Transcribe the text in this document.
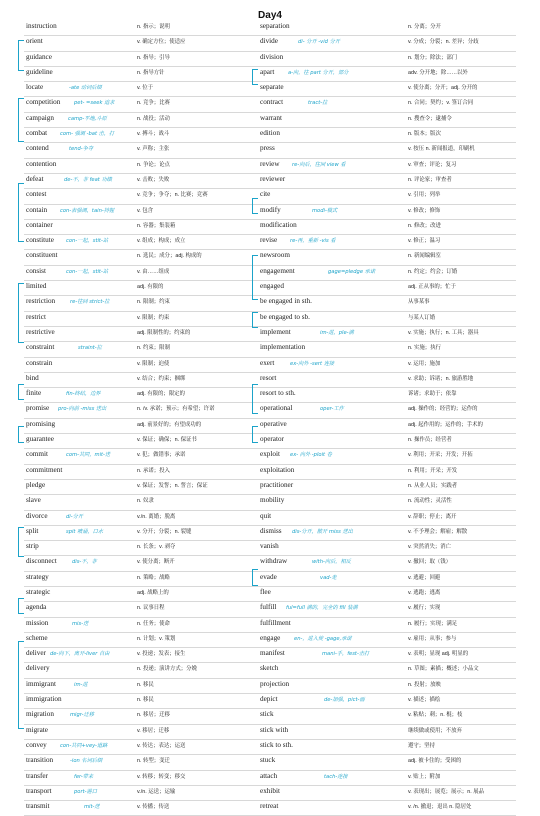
Day4
instruction	n. 指示；说明
orient	v. 确定方位；使适应
guidance	n. 指导；引导
guideline	n. 指导方针
locate	-ate 动词后缀	v. 位于
competition	pet- =seek 追求	n. 竞争；比赛
campaign	camp-平地,斗原	n. 战役；活动
combat com- 强调 -bat 击，打	v. 搏斗；战斗
contend	tend-争夺	v. 声称；主张
contention	n. 争论；论点
defeat	de-不，非 feat 功绩	v. 击败；失败
contest	v. 竞争；争夺；n. 比赛；竞赛
contain con-表强调，tain-持握	v. 包含
container	n. 容器；集装箱
constitute con-一起，stit-站	v. 组成；构成；成立
constituent	n. 选民；成分；adj. 构成的
consist	con-一起，stit-站	v. 由……组成
limited	adj. 有限的
restriction	re-往回 strict-拉	n. 限制；约束
restrict	v. 限制；约束
restrictive	adj. 限制性的；约束的
constraint	straint-拉	n. 约束；限制
constrain	v. 限制；迫使
bind	v. 结合；约束；捆绑
finite	fin-终结，边界	adj. 有限的；限定的
promise pro-向前 -miss 送出	n. /v. 承诺；预示；有希望；许诺
promising	adj. 前景好的；有望成功的
guarantee	v. 保证；确保；n. 保证书
commit	com-共同，mit-送	v. 犯；做错事；承诺
commitment	n. 承诺；投入
pledge	v. 保证；发誓；n. 誓言；保证
slave	n. 奴隶
divorce	di-分开	v./n. 离婚；脱离
split	spit 喷涌，口水	v. 分开；分裂；n. 裂缝
strip	n. 长条；v. 剥夺
disconnect	dis-不，非	v. 使分离；断开
strategy	n. 策略；战略
strategic	adj. 战略上的
agenda	n. 议事日程
mission	mis-送	n. 任务；使命
scheme	n. 计划；v. 策划
deliver de-向下，离开-liver 自由	v. 投递；发表；接生
delivery	n. 投递；演讲方式；分娩
immigrant	im-进	n. 移民
immigration	n. 移民
migration	migr-迁移	n. 移居；迁移
migrate	v. 移居；迁移
convey	con-共同+vey-道路	v. 传达；表达；运送
transition	-ion 名词后缀	n. 转型；变迁
transfer	fer-带来	v. 转移；转变；移交
transport	port-港口	v./n. 运送；运输
transmit	mit-送	v. 传播；传送
separation	n. 分离；分开
divide	di- 分开 -vid 分开	v. 分成；分裂；n. 差异；分歧
division	n. 划分；除法；部门
apart	a-向，往 part 分开，部分	adv. 分开地；除……以外
separate	v. 使分离；分开；adj. 分开的
contract	tract-拉	n. 合同；契约；v. 签订合同
warrant	n. 搜查令；逮捕令
edition	n. 版本；版次
press	v. 按压 n. 新闻报道，印刷机
review re-向后，往回 view 看	v. 审查；评论；复习
reviewer	n. 评论家；审查者
cite	v. 引用；列举
modify	modi-模式	v. 修改；修饰
modification	n. 修改；改进
revise re-再，重新 -vis 看	v. 修正；温习
newsroom	n. 新闻编辑室
engagement	gage=pledge 承诺	n. 约定；约会；订婚
engaged	adj. 正从事的；忙于
be engaged in sth.	从事某事
be engaged to sb.	与某人订婚
implement	im-进，ple-满	v. 实施；执行；n. 工具；器具
implementation	n. 实施；执行
exert	ex-向外 -sert 连接	v. 运用；施加
resort	v. 求助；诉诸；n. 旅游胜地
resort to sth.	诉诸；求助于；依靠
operational	oper-工作	adj. 操作的；经营的；运作的
operative	adj. 起作用的；运作的；手术的
operator	n. 操作员；经营者
exploit ex- 向外 -ploit 卷	v. 利用；开采；开发；开拓
exploitation	n. 利用；开采；开发
practitioner	n. 从业人员；实践者
mobility	n. 流动性；灵活性
quit	v. 辞职；停止；离开
dismiss dis-分开，散开 miss 送出	v. 不予理会；解雇；解散
vanish	v. 突然消失；消亡
withdraw	with-向后，相反	v. 撤回；取（钱）
evade	vad-走	v. 逃避；回避
flee	v. 逃跑；逃离
fulfill ful=full 满的，完全的 fill 装满	v. 履行；实现
fulfillment	n. 履行；实现；满足
engage	en-，进入使 -gage,承诺	v. 雇用；从事；参与
manifest	mani-手，fest-击打	v. 表明；显现 adj. 明显的
sketch	n. 草图；素描；概述；小品文
projection	n. 投射；放映
depict	de-加强，pict-画	v. 描述；描绘
stick	v. 粘贴；刺；n. 棍；枝
stick with	继续做或使用；不放弃
stick to sth.	遵守；坚持
stuck	adj. 被卡住的；受困的
attach	tach-连接	v. 贴上；附加
exhibit	v. 表现出；展览；展示；n. 展品
retreat	v. /n. 撤退；退出 n. 隐居处
